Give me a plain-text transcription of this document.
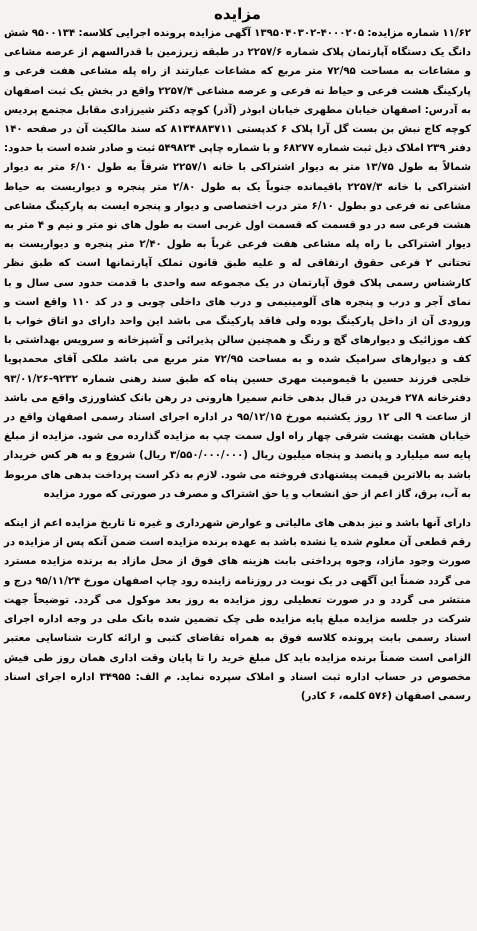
مزایده

۱۱/۶۲ شماره مزایده: ۴۰۰۰۲۰۵-۱۳۹۵۰۴۰۳۰۲ آگهی مزایده پرونده اجرایی کلاسه: ۹۵۰۰۱۳۴ شش دانگ یک دستگاه آپارتمان پلاک شماره ۲۲۵۷/۶ در طبقه زیرزمین با قدرالسهم از عرصه مشاعی و مشاعات به مساحت ۷۲/۹۵ متر مربع که مشاعات عبارتند از راه پله مشاعی هفت فرعی و پارکینگ هشت فرعی و حیاط نه فرعی و عرصه مشاعی ۲۲۵۷/۴ واقع در بخش یک ثبت اصفهان به آدرس: اصفهان خیابان مطهری خیابان ابوذر (آذر) کوچه دکتر شیرزادی مقابل مجتمع پردیس کوچه کاج نبش بن بست گل آرا پلاک ۶ کدپستی ۸۱۳۴۸۸۳۷۱۱ که سند مالکیت آن در صفحه ۱۴۰ دفتر ۲۳۹ املاک ذیل ثبت شماره ۶۸۲۷۷ و با شماره چاپی ۵۴۹۸۲۴ ثبت و صادر شده است با حدود: شمالاً به طول ۱۳/۷۵ متر به دیوار اشتراکی با خانه ۲۲۵۷/۱ شرقاً به طول ۶/۱۰ متر به دیوار اشتراکی با خانه ۲۲۵۷/۳ باقیمانده جنوباً یک به طول ۲/۸۰ متر پنجره و دیواریست به حیاط مشاعی نه فرعی دو بطول ۶/۱۰ متر درب اختصاصی و دیوار و پنجره ایست به پارکینگ مشاعی هشت فرعی سه در دو قسمت که قسمت اول غربی است به طول های نو متر و نیم و ۴ متر به دیوار اشتراکی با راه پله مشاعی هفت فرعی غرباً به طول ۲/۴۰ متر پنجره و دیواریست به تحتانی ۲ فرعی حقوق ارتفاقی له و علیه طبق قانون تملک آپارتمانها است که طبق نظر کارشناس رسمی پلاک فوق آپارتمان در یک مجموعه سه واحدی با قدمت حدود سی سال و با نمای آجر و درب و پنجره های آلومینیمی و درب های داخلی چوبی و در کد ۱۱۰ واقع است و ورودی آن از داخل پارکینگ بوده ولی فاقد پارکینگ می باشد این واحد دارای دو اتاق خواب با کف موزائیک و دیوارهای گچ و رنگ و همچنین سالن پذیرائی و آشپزخانه و سرویس بهداشتی با کف و دیوارهای سرامیک شده و به مساحت ۷۲/۹۵ متر مربع می باشد ملکی آقای محمدپویا خلجی فرزند حسین با قیمومیت مهری حسین پناه که طبق سند رهنی شماره ۹۲۳۲-۹۳/۰۱/۲۶ دفترخانه ۲۷۸ فریدن در قبال بدهی خانم سمیرا هارونی در رهن بانک کشاورزی واقع می باشد از ساعت ۹ الی ۱۲ روز یکشنبه مورخ ۹۵/۱۲/۱۵ در اداره اجرای اسناد رسمی اصفهان واقع در خیابان هشت بهشت شرقی چهار راه اول سمت چپ به مزایده گذارده می شود. مزایده از مبلغ پایه سه میلیارد و پانصد و پنجاه میلیون ریال (۳/۵۵۰/۰۰۰/۰۰۰ ریال) شروع و به هر کس خریدار باشد به بالاترین قیمت پیشنهادی فروخته می شود. لازم به ذکر است پرداخت بدهی های مربوط به آب، برق، گاز اعم از حق انشعاب و یا حق اشتراک و مصرف در صورتی که مورد مزایده

دارای آنها باشد و نیز بدهی های مالیاتی و عوارض شهرداری و غیره تا تاریخ مزایده اعم از اینکه رقم قطعی آن معلوم شده یا نشده باشد به عهده برنده مزایده است ضمن آنکه پس از مزایده در صورت وجود مازاد، وجوه پرداختی بابت هزینه های فوق از محل مازاد به برنده مزایده مسترد می گردد ضمناً این آگهی در یک نوبت در روزنامه زاینده رود چاپ اصفهان مورخ ۹۵/۱۱/۲۴ درج و منتشر می گردد و در صورت تعطیلی روز مزایده به روز بعد موکول می گردد. توضیحاً جهت شرکت در جلسه مزایده مبلغ پایه مزایده طی چک تضمین شده بانک ملی در وجه اداره اجرای اسناد رسمی بابت پرونده کلاسه فوق به همراه تقاضای کتبی و ارائه کارت شناسایی معتبر الزامی است ضمناً برنده مزایده باید کل مبلغ خرید را تا پایان وقت اداری همان روز طی فیش مخصوص در حساب اداره ثبت اسناد و املاک سپرده نماید. م الف: ۳۴۹۵۵ اداره اجرای اسناد رسمی اصفهان (۵۷۶ کلمه، ۶ کادر)
